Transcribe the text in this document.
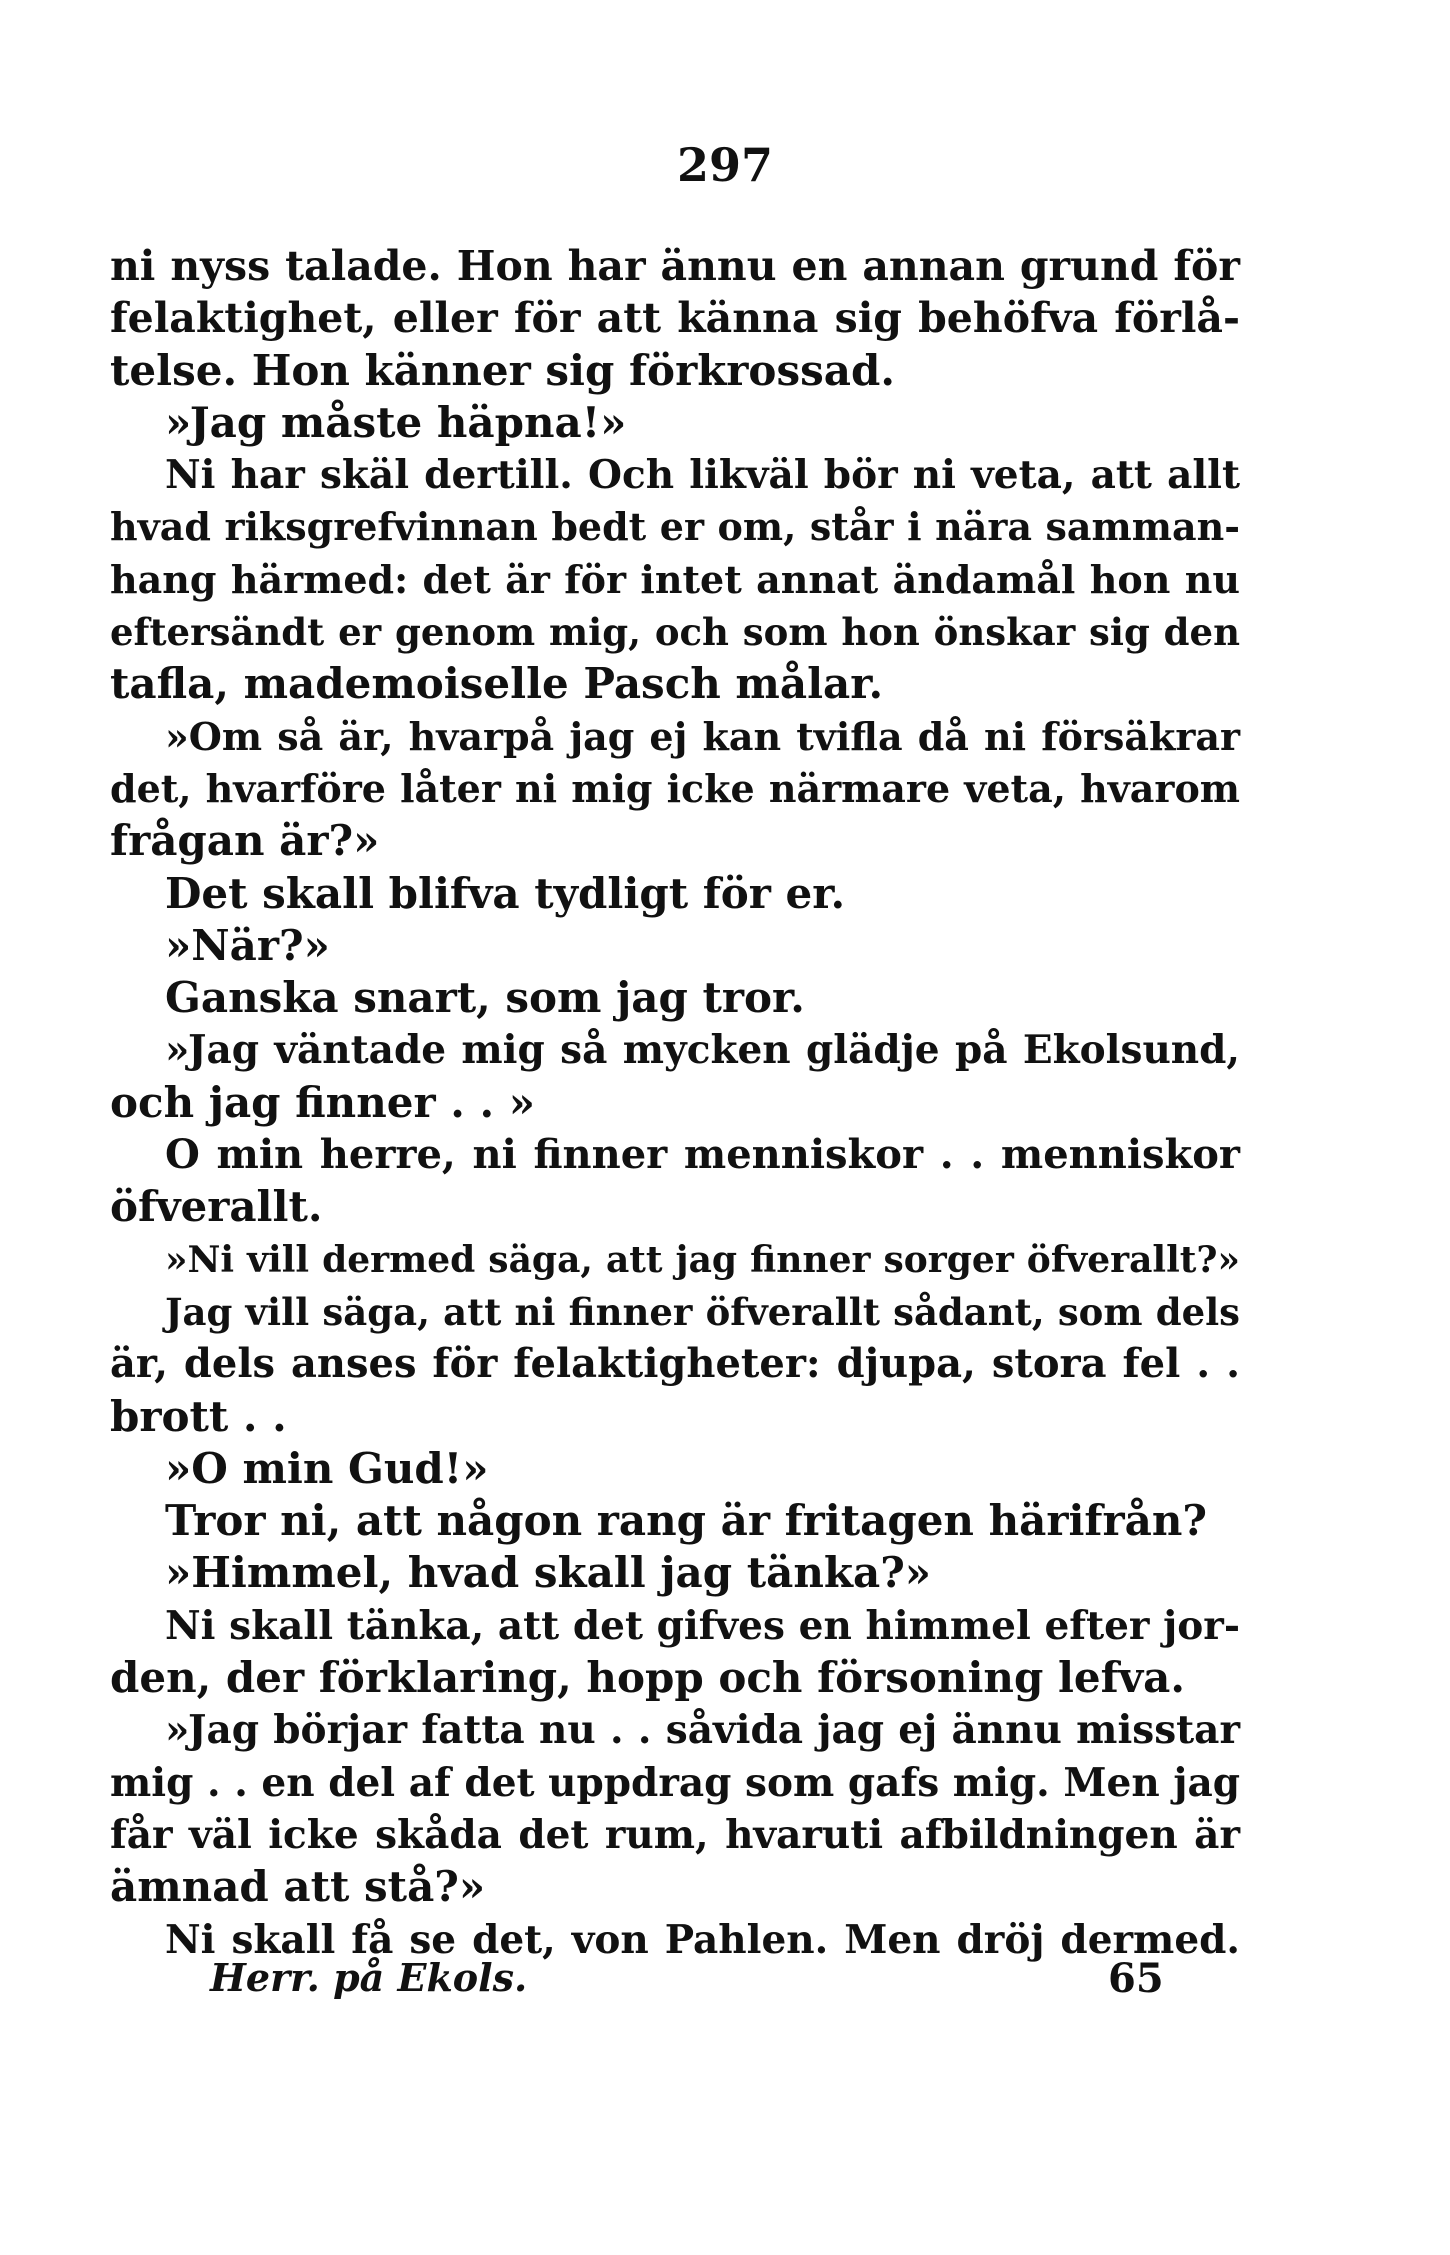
297
ni nyss talade. Hon har ännu en annan grund för
felaktighet, eller för att känna sig behöfva förlå-
telse. Hon känner sig förkrossad.
»Jag måste häpna!»
Ni har skäl dertill. Och likväl bör ni veta, att allt
hvad riksgrefvinnan bedt er om, står i nära samman-
hang härmed: det är för intet annat ändamål hon nu
eftersändt er genom mig, och som hon önskar sig den
tafla, mademoiselle Pasch målar.
»Om så är, hvarpå jag ej kan tvifla då ni försäkrar
det, hvarföre låter ni mig icke närmare veta, hvarom
frågan är?»
Det skall blifva tydligt för er.
»När?»
Ganska snart, som jag tror.
»Jag väntade mig så mycken glädje på Ekolsund,
och jag finner . . »
O min herre, ni finner menniskor . . menniskor
öfverallt.
»Ni vill dermed säga, att jag finner sorger öfverallt?»
Jag vill säga, att ni finner öfverallt sådant, som dels
är, dels anses för felaktigheter: djupa, stora fel . .
brott . .
»O min Gud!»
Tror ni, att någon rang är fritagen härifrån?
»Himmel, hvad skall jag tänka?»
Ni skall tänka, att det gifves en himmel efter jor-
den, der förklaring, hopp och försoning lefva.
»Jag börjar fatta nu . . såvida jag ej ännu misstar
mig . . en del af det uppdrag som gafs mig. Men jag
får väl icke skåda det rum, hvaruti afbildningen är
ämnad att stå?»
Ni skall få se det, von Pahlen. Men dröj dermed.
Herr. på Ekols.	65
